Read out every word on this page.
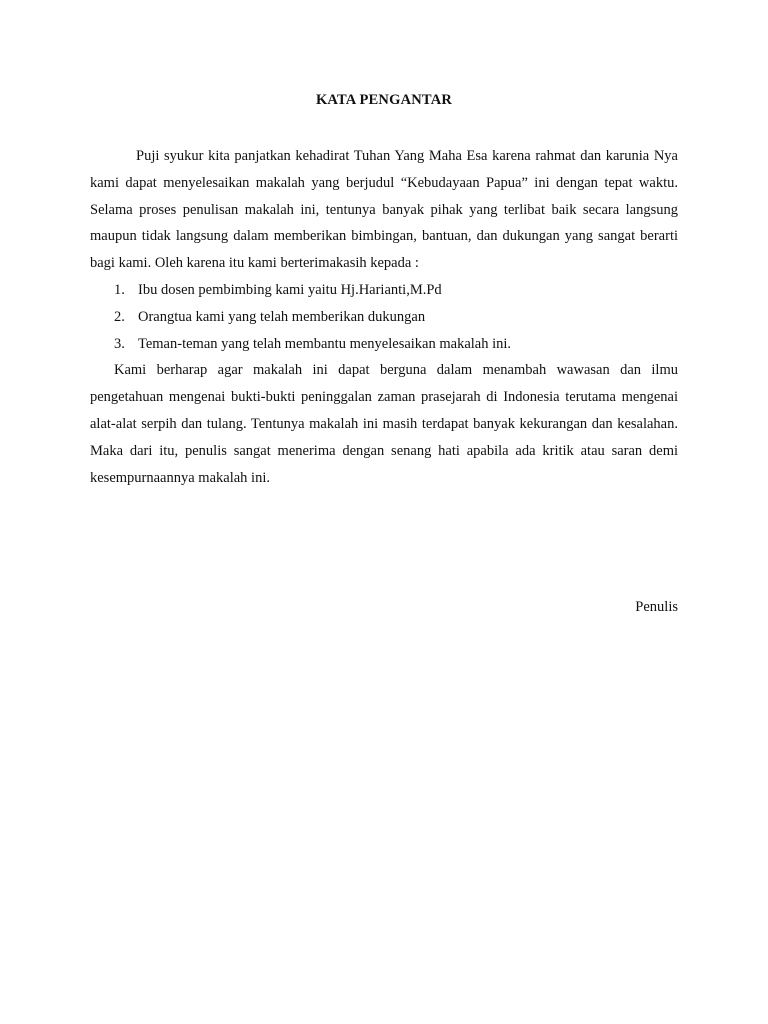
KATA PENGANTAR

Puji syukur kita panjatkan kehadirat Tuhan Yang Maha Esa karena rahmat dan karunia Nya kami dapat menyelesaikan makalah yang berjudul “Kebudayaan Papua” ini dengan tepat waktu. Selama proses penulisan makalah ini, tentunya banyak pihak yang terlibat baik secara langsung maupun tidak langsung dalam memberikan bimbingan, bantuan, dan dukungan yang sangat berarti bagi kami. Oleh karena itu kami berterimakasih kepada :

1. Ibu dosen pembimbing kami yaitu Hj.Harianti,M.Pd
2. Orangtua kami yang telah memberikan dukungan
3. Teman-teman yang telah membantu menyelesaikan makalah ini.

Kami berharap agar makalah ini dapat berguna dalam menambah wawasan dan ilmu pengetahuan mengenai bukti-bukti peninggalan zaman prasejarah di Indonesia terutama mengenai alat-alat serpih dan tulang. Tentunya makalah ini masih terdapat banyak kekurangan dan kesalahan. Maka dari itu, penulis sangat menerima dengan senang hati apabila ada kritik atau saran demi kesempurnaannya makalah ini.

Penulis
